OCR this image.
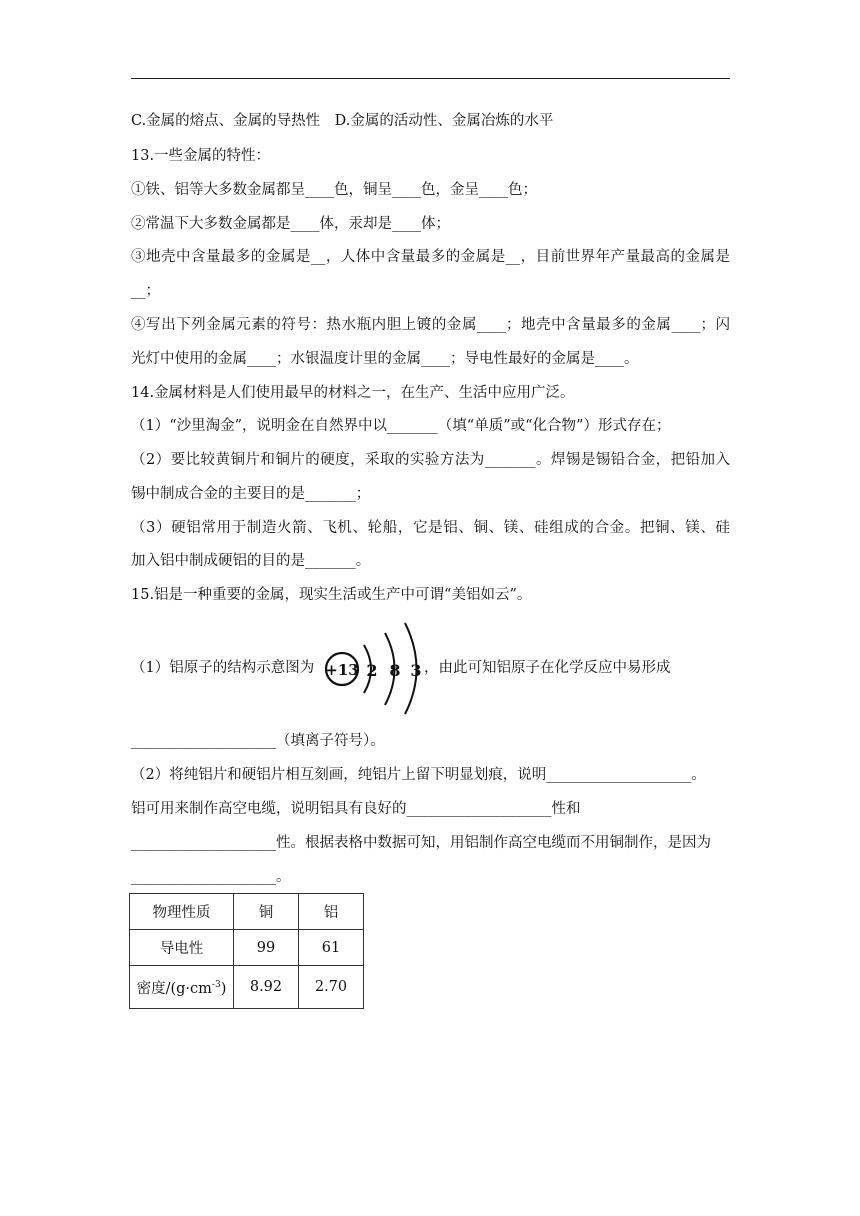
C.金属的熔点、金属的导热性　D.金属的活动性、金属冶炼的水平
13.一些金属的特性：
①铁、铝等大多数金属都呈____色，铜呈____色，金呈____色；
②常温下大多数金属都是____体，汞却是____体；
③地壳中含量最多的金属是__，人体中含量最多的金属是__，目前世界年产量最高的金属是
__；
④写出下列金属元素的符号：热水瓶内胆上镀的金属____；地壳中含量最多的金属____；闪
光灯中使用的金属____；水银温度计里的金属____；导电性最好的金属是____。
14.金属材料是人们使用最早的材料之一，在生产、生活中应用广泛。
（1）“沙里淘金”，说明金在自然界中以_______（填“单质”或“化合物”）形式存在；
（2）要比较黄铜片和铜片的硬度，采取的实验方法为_______。焊锡是锡铅合金，把铅加入
锡中制成合金的主要目的是_______；
（3）硬铝常用于制造火箭、飞机、轮船，它是铝、铜、镁、硅组成的合金。把铜、镁、硅
加入铝中制成硬铝的目的是_______。
15.铝是一种重要的金属，现实生活或生产中可谓“美铝如云”。
（1）铝原子的结构示意图为 +13 2 8 3 ，由此可知铝原子在化学反应中易形成
____________________（填离子符号）。
（2）将纯铝片和硬铝片相互刻画，纯铝片上留下明显划痕，说明____________________。
铝可用来制作高空电缆，说明铝具有良好的____________________性和
____________________性。根据表格中数据可知，用铝制作高空电缆而不用铜制作，是因为
____________________。
物理性质	铜	铝
导电性	99	61
密度$/(g\cdot cm^{-3})$	8.92	2.70
